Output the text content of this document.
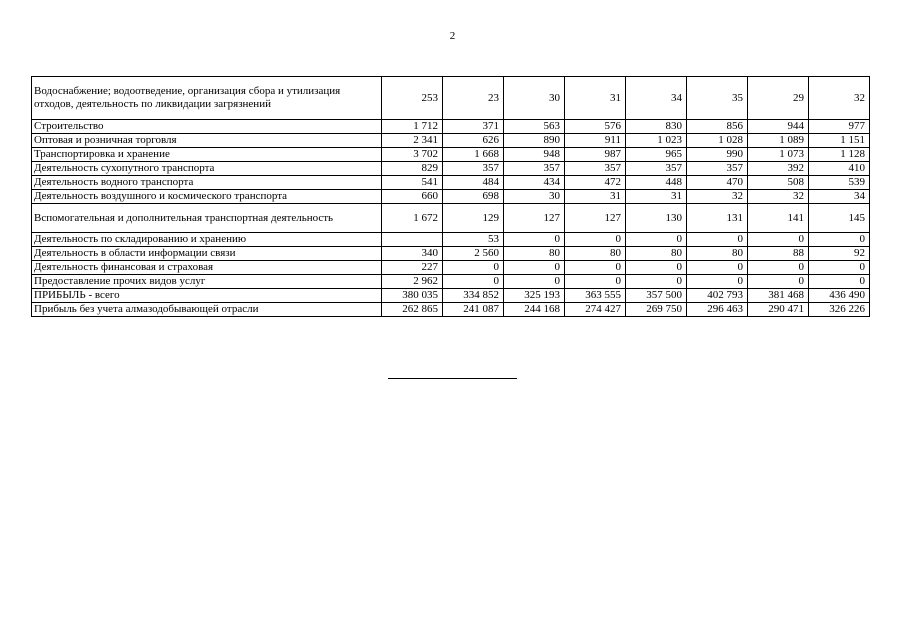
2
Водоснабжение; водоотведение, организация сбора и утилизация отходов, деятельность по ликвидации загрязнений	253	23	30	31	34	35	29	32
Строительство	1 712	371	563	576	830	856	944	977
Оптовая и розничная торговля	2 341	626	890	911	1 023	1 028	1 089	1 151
Транспортировка и хранение	3 702	1 668	948	987	965	990	1 073	1 128
Деятельность сухопутного транспорта	829	357	357	357	357	357	392	410
Деятельность водного транспорта	541	484	434	472	448	470	508	539
Деятельность воздушного и космического транспорта	660	698	30	31	31	32	32	34
Вспомогательная и дополнительная транспортная деятельность	1 672	129	127	127	130	131	141	145
Деятельность по складированию и хранению		53	0	0	0	0	0	0
Деятельность в области информации связи	340	2 560	80	80	80	80	88	92
Деятельность финансовая и страховая	227	0	0	0	0	0	0	0
Предоставление прочих видов услуг	2 962	0	0	0	0	0	0	0
ПРИБЫЛЬ - всего	380 035	334 852	325 193	363 555	357 500	402 793	381 468	436 490
Прибыль без учета алмазодобывающей отрасли	262 865	241 087	244 168	274 427	269 750	296 463	290 471	326 226
